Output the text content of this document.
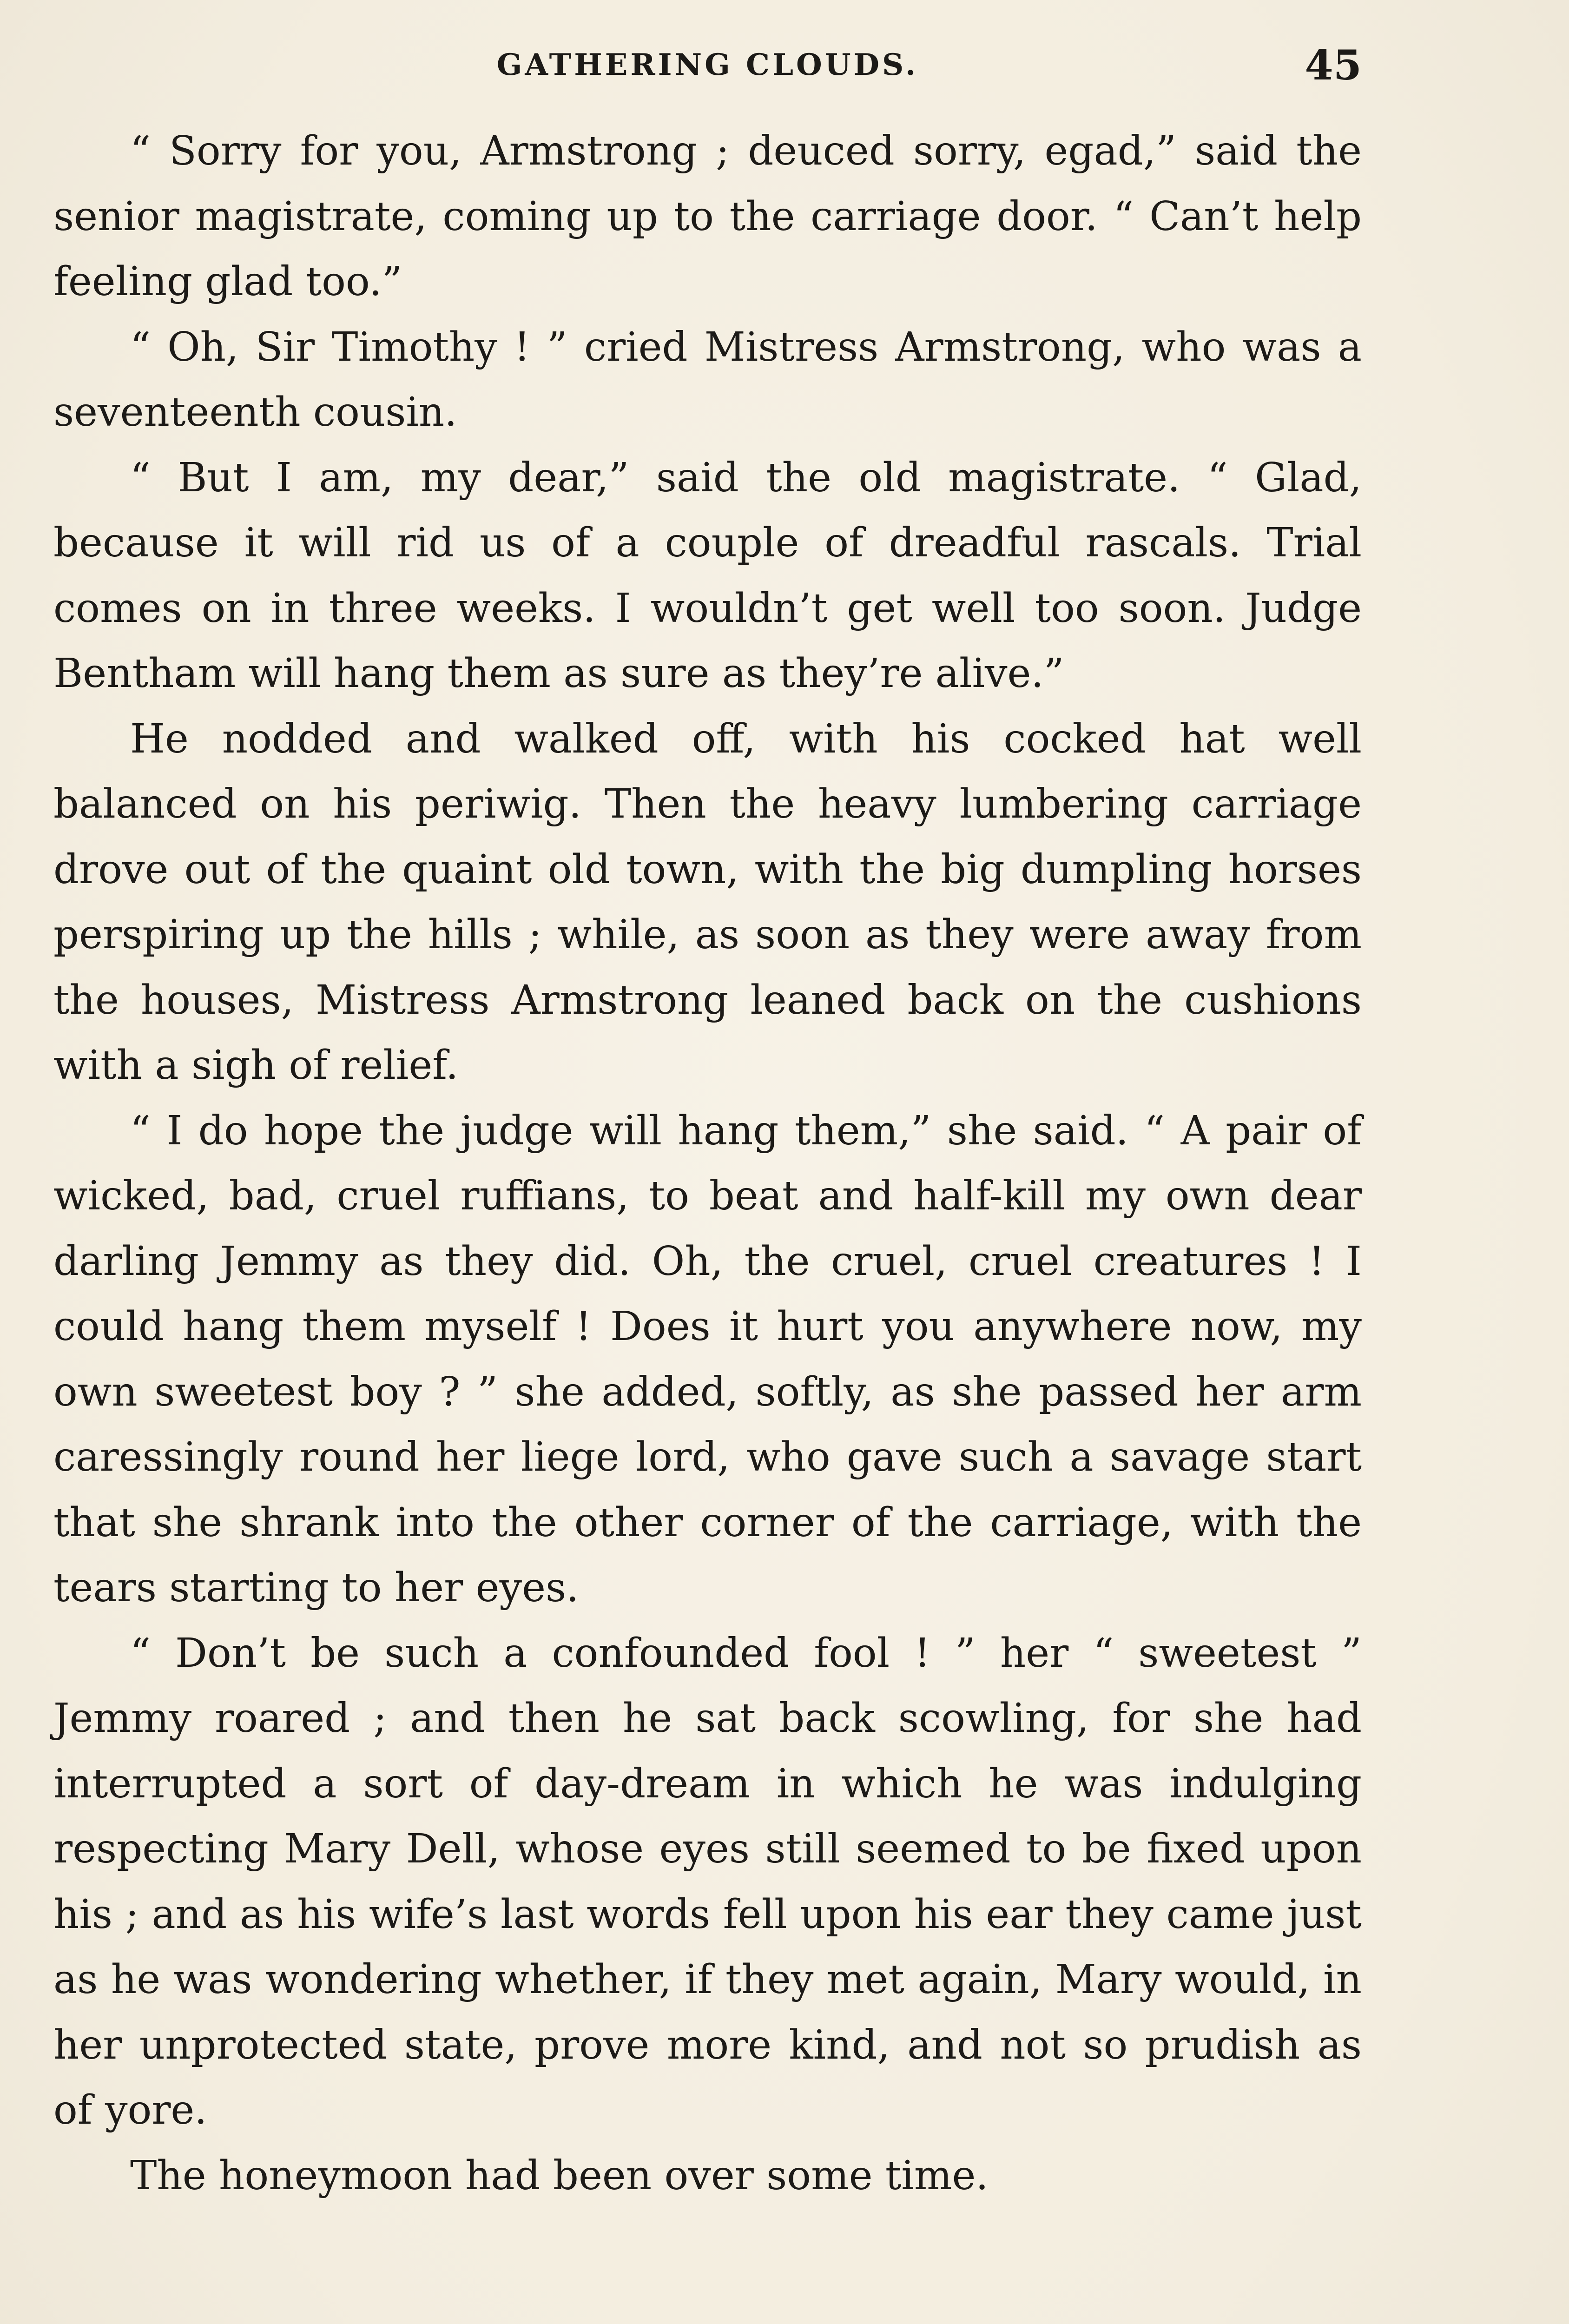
GATHERING CLOUDS.	45

“ Sorry for you, Armstrong ; deuced sorry, egad,” said the senior magistrate, coming up to the carriage door. “ Can’t help feeling glad too.”

“ Oh, Sir Timothy ! ” cried Mistress Armstrong, who was a seventeenth cousin.

“ But I am, my dear,” said the old magistrate. “ Glad, because it will rid us of a couple of dreadful rascals. Trial comes on in three weeks. I wouldn’t get well too soon. Judge Bentham will hang them as sure as they’re alive.”

He nodded and walked off, with his cocked hat well balanced on his periwig. Then the heavy lumbering carriage drove out of the quaint old town, with the big dumpling horses perspiring up the hills ; while, as soon as they were away from the houses, Mistress Armstrong leaned back on the cushions with a sigh of relief.

“ I do hope the judge will hang them,” she said. “ A pair of wicked, bad, cruel ruffians, to beat and half-kill my own dear darling Jemmy as they did. Oh, the cruel, cruel creatures ! I could hang them myself ! Does it hurt you anywhere now, my own sweetest boy ? ” she added, softly, as she passed her arm caressingly round her liege lord, who gave such a savage start that she shrank into the other corner of the carriage, with the tears starting to her eyes.

“ Don’t be such a confounded fool ! ” her “ sweetest ” Jemmy roared ; and then he sat back scowling, for she had interrupted a sort of day-dream in which he was indulging respecting Mary Dell, whose eyes still seemed to be fixed upon his ; and as his wife’s last words fell upon his ear they came just as he was wondering whether, if they met again, Mary would, in her unprotected state, prove more kind, and not so prudish as of yore.

The honeymoon had been over some time.
